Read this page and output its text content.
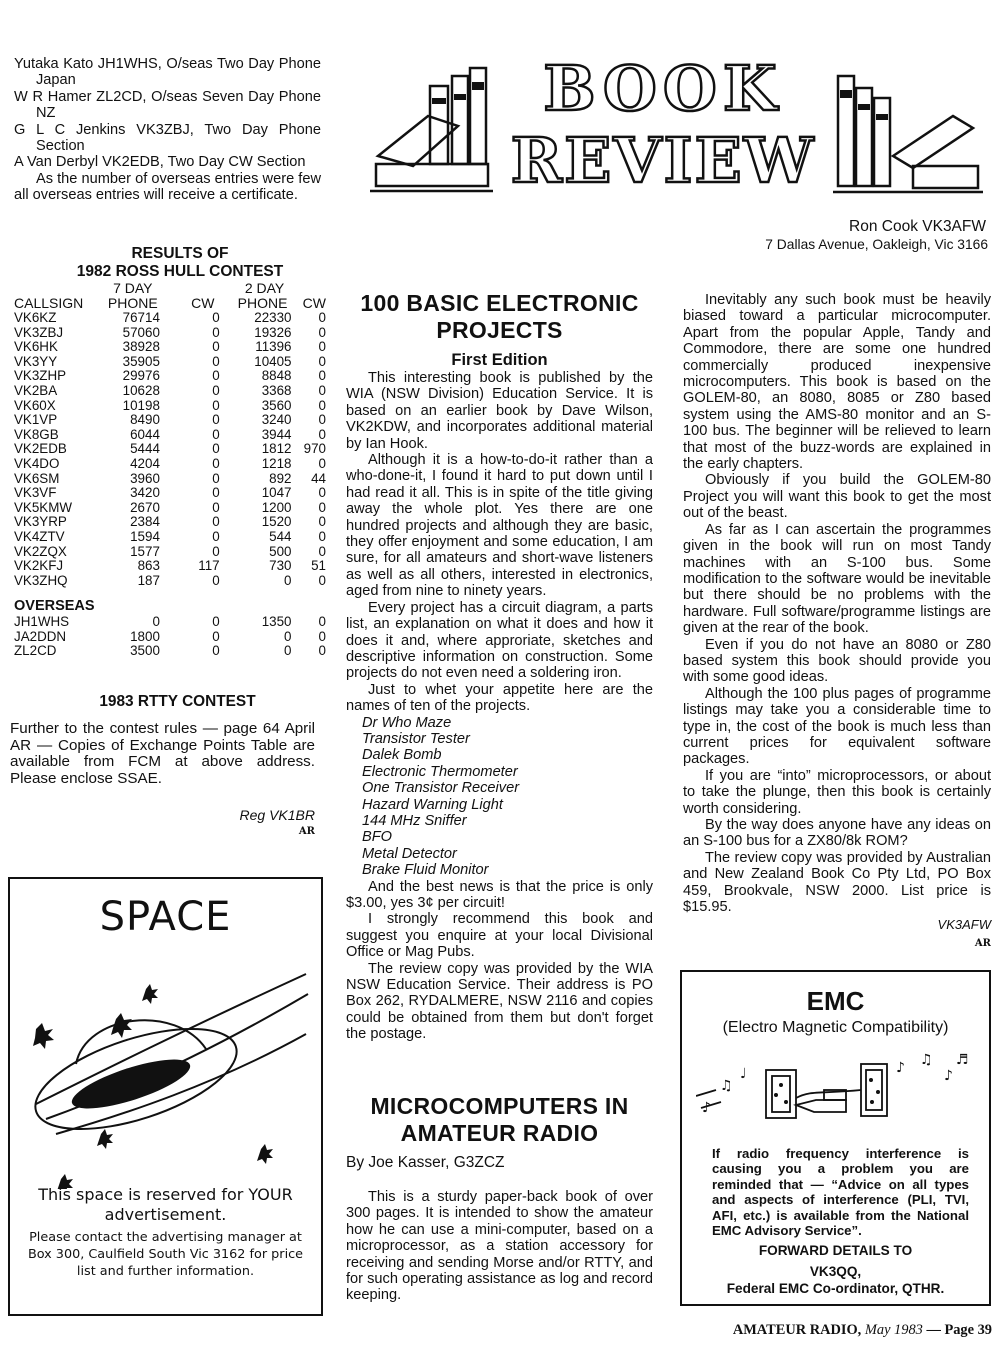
Yutaka Kato JH1WHS, O/seas Two Day Phone Japan

W R Hamer ZL2CD, O/seas Seven Day Phone NZ

G L C Jenkins VK3ZBJ, Two Day Phone Section

A Van Derbyl VK2EDB, Two Day CW Section

As the number of overseas entries were few all overseas entries will receive a certificate.

RESULTS OF
1982 ROSS HULL CONTEST
	7 DAY		2 DAY	
CALLSIGN	PHONE	CW	PHONE	CW
VK6KZ	76714	0	22330	0
VK3ZBJ	57060	0	19326	0
VK6HK	38928	0	11396	0
VK3YY	35905	0	10405	0
VK3ZHP	29976	0	8848	0
VK2BA	10628	0	3368	0
VK60X	10198	0	3560	0
VK1VP	8490	0	3240	0
VK8GB	6044	0	3944	0
VK2EDB	5444	0	1812	970
VK4DO	4204	0	1218	0
VK6SM	3960	0	892	44
VK3VF	3420	0	1047	0
VK5KMW	2670	0	1200	0
VK3YRP	2384	0	1520	0
VK4ZTV	1594	0	544	0
VK2ZQX	1577	0	500	0
VK2KFJ	863	117	730	51
VK3ZHQ	187	0	0	0

OVERSEAS				
JH1WHS	0	0	1350	0
JA2DDN	1800	0	0	0
ZL2CD	3500	0	0	0
1983 RTTY CONTEST

Further to the contest rules — page 64 April AR — Copies of Exchange Points Table are available from FCM at above address. Please enclose SSAE.

Reg VK1BR
AR
SPACE
This space is reserved for YOUR advertisement.
Please contact the advertising manager at Box 300, Caulfield South Vic 3162 for price list and further information.
BOOK
REVIEW
Ron Cook VK3AFW
7 Dallas Avenue, Oakleigh, Vic 3166
100 BASIC ELECTRONIC
PROJECTS
First Edition

This interesting book is published by the WIA (NSW Division) Education Service. It is based on an earlier book by Dave Wilson, VK2KDW, and incorporates additional material by Ian Hook.

Although it is a how-to-do-it rather than a who-done-it, I found it hard to put down until I had read it all. This is in spite of the title giving away the whole plot. Yes there are one hundred projects and although they are basic, they offer enjoyment and some education, I am sure, for all amateurs and short-wave listeners as well as all others, interested in electronics, aged from nine to ninety years.

Every project has a circuit diagram, a parts list, an explanation on what it does and how it does it and, where approriate, sketches and descriptive information on construction. Some projects do not even need a soldering iron.

Just to whet your appetite here are the names of ten of the projects.

Dr Who Maze
Transistor Tester
Dalek Bomb
Electronic Thermometer
One Transistor Receiver
Hazard Warning Light
144 MHz Sniffer
BFO
Metal Detector
Brake Fluid Monitor

And the best news is that the price is only $3.00, yes 3¢ per circuit!

I strongly recommend this book and suggest you enquire at your local Divisional Office or Mag Pubs.

The review copy was provided by the WIA NSW Education Service. Their address is PO Box 262, RYDALMERE, NSW 2116 and copies could be obtained from them but don't forget the postage.

MICROCOMPUTERS IN
AMATEUR RADIO
By Joe Kasser, G3ZCZ

This is a sturdy paper-back book of over 300 pages. It is intended to show the amateur how he can use a mini-computer, based on a microprocessor, as a station accessory for receiving and sending Morse and/or RTTY, and for such operating assistance as log and record keeping.

Inevitably any such book must be heavily biased toward a particular microcomputer. Apart from the popular Apple, Tandy and Commodore, there are some one hundred commercially produced inexpensive microcomputers. This book is based on the GOLEM-80, an 8080, 8085 or Z80 based system using the AMS-80 monitor and an S-100 bus. The beginner will be relieved to learn that most of the buzz-words are explained in the early chapters.

Obviously if you build the GOLEM-80 Project you will want this book to get the most out of the beast.

As far as I can ascertain the programmes given in the book will run on most Tandy machines with an S-100 bus. Some modification to the software would be inevitable but there should be no problems with the hardware. Full software/programme listings are given at the rear of the book.

Even if you do not have an 8080 or Z80 based system this book should provide you with some good ideas.

Although the 100 plus pages of programme listings may take you a considerable time to type in, the cost of the book is much less than current prices for equivalent software packages.

If you are “into” microprocessors, or about to take the plunge, then this book is certainly worth considering.

By the way does anyone have any ideas on an S-100 bus for a ZX80/8k ROM?

The review copy was provided by Australian and New Zealand Book Co Pty Ltd, PO Box 459, Brookvale, NSW 2000. List price is $15.95.

VK3AFW
AR
EMC
(Electro Magnetic Compatibility)
♪
♫
♩	♪ ♫
♪
♬

If radio frequency interference is causing you a problem you are reminded that — “Advice on all types and aspects of interference (PLI, TVI, AFI, etc.) is available from the National EMC Advisory Service”.

FORWARD DETAILS TO
VK3QQ,
Federal EMC Co-ordinator, QTHR.
AMATEUR RADIO, May 1983 — Page 39
